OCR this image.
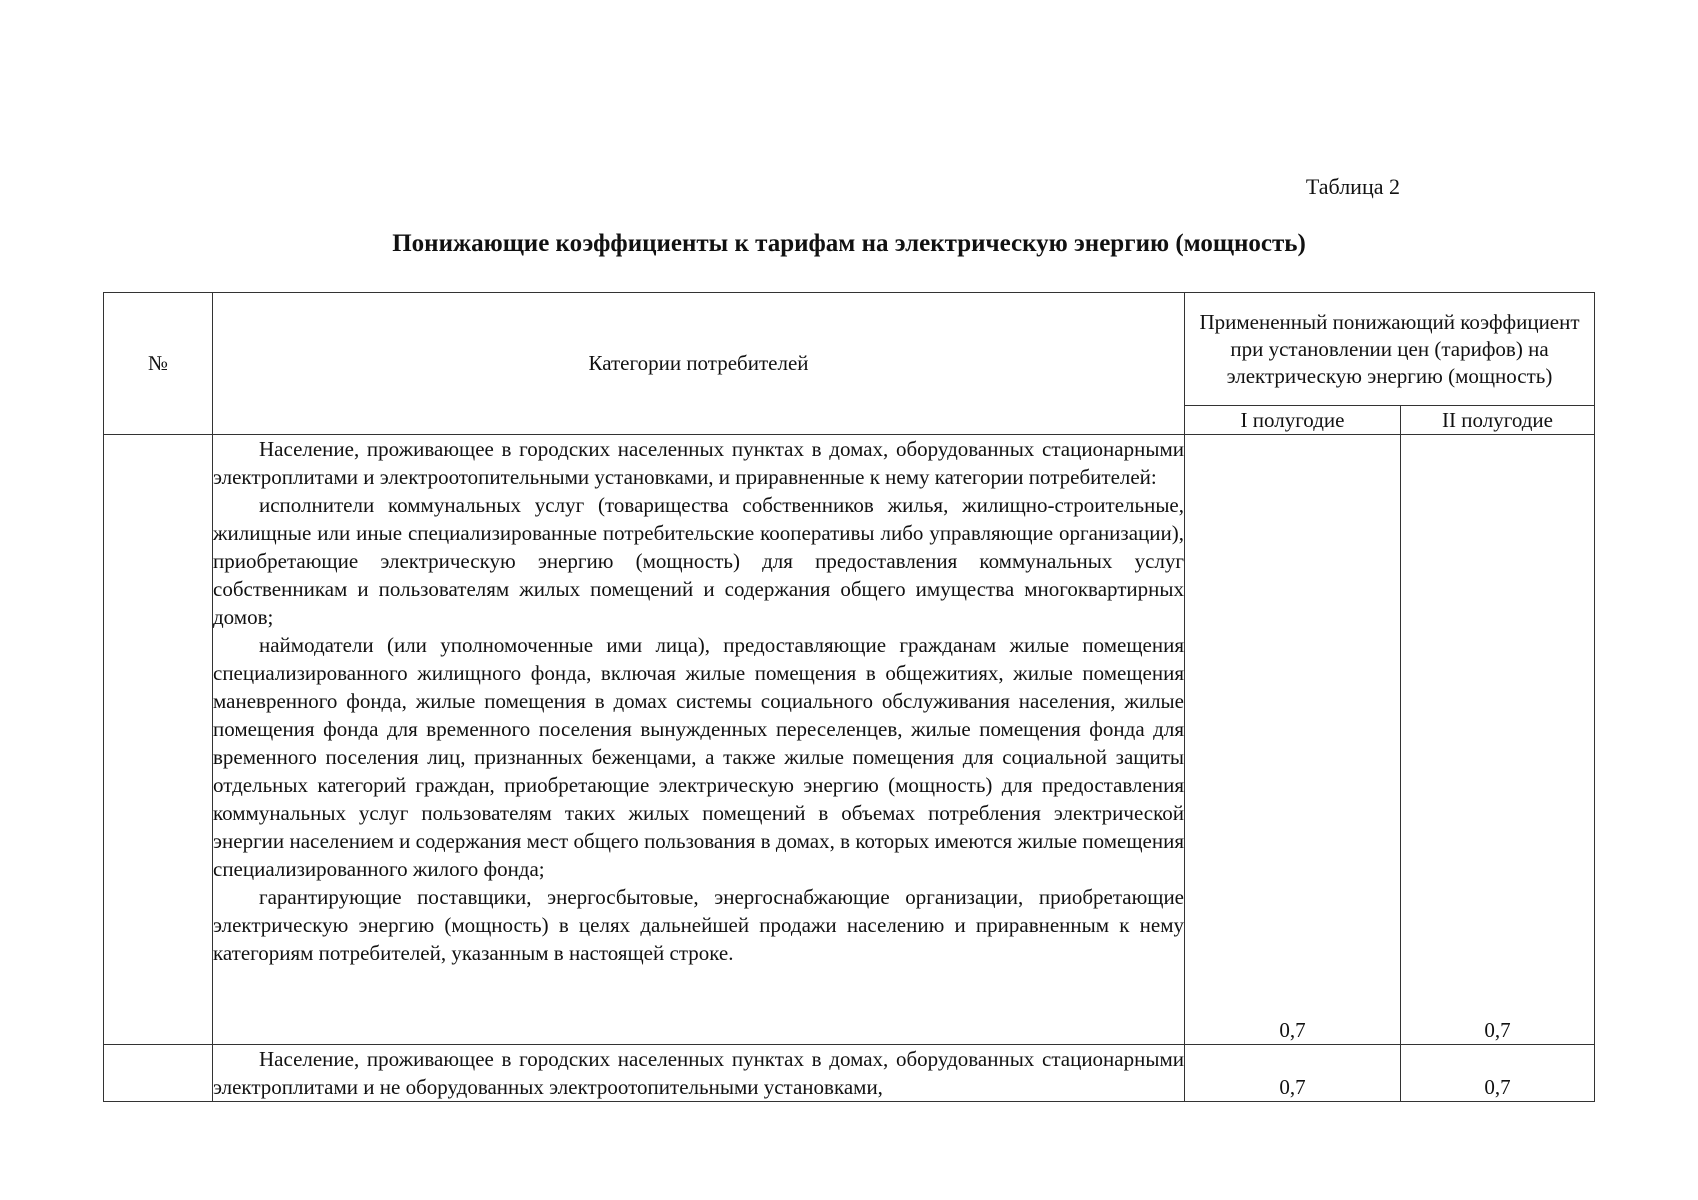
Таблица 2
Понижающие коэффициенты к тарифам на электрическую энергию (мощность)
№	Категории потребителей	Примененный понижающий коэффициент при установлении цен (тарифов) на электрическую энергию (мощность)	
		I полугодие	II полугодие

	Население, проживающее в городских населенных пунктах в домах, оборудованных стационарными электроплитами и электроотопительными установками, и приравненные к нему категории потребителей:

исполнители коммунальных услуг (товарищества собственников жилья, жилищно-строительные, жилищные или иные специализированные потребительские кооперативы либо управляющие организации), приобретающие электрическую энергию (мощность) для предоставления коммунальных услуг собственникам и пользователям жилых помещений и содержания общего имущества многоквартирных домов;

наймодатели (или уполномоченные ими лица), предоставляющие гражданам жилые помещения специализированного жилищного фонда, включая жилые помещения в общежитиях, жилые помещения маневренного фонда, жилые помещения в домах системы социального обслуживания населения, жилые помещения фонда для временного поселения вынужденных переселенцев, жилые помещения фонда для временного поселения лиц, признанных беженцами, а также жилые помещения для социальной защиты отдельных категорий граждан, приобретающие электрическую энергию (мощность) для предоставления коммунальных услуг пользователям таких жилых помещений в объемах потребления электрической энергии населением и содержания мест общего пользования в домах, в которых имеются жилые помещения специализированного жилого фонда;

гарантирующие поставщики, энергосбытовые, энергоснабжающие организации, приобретающие электрическую энергию (мощность) в целях дальнейшей продажи населению и приравненным к нему категориям потребителей, указанным в настоящей строке.	0,7	0,7

	Население, проживающее в городских населенных пунктах в домах, оборудованных стационарными электроплитами и не оборудованных электроотопительными установками,	0,7	0,7
